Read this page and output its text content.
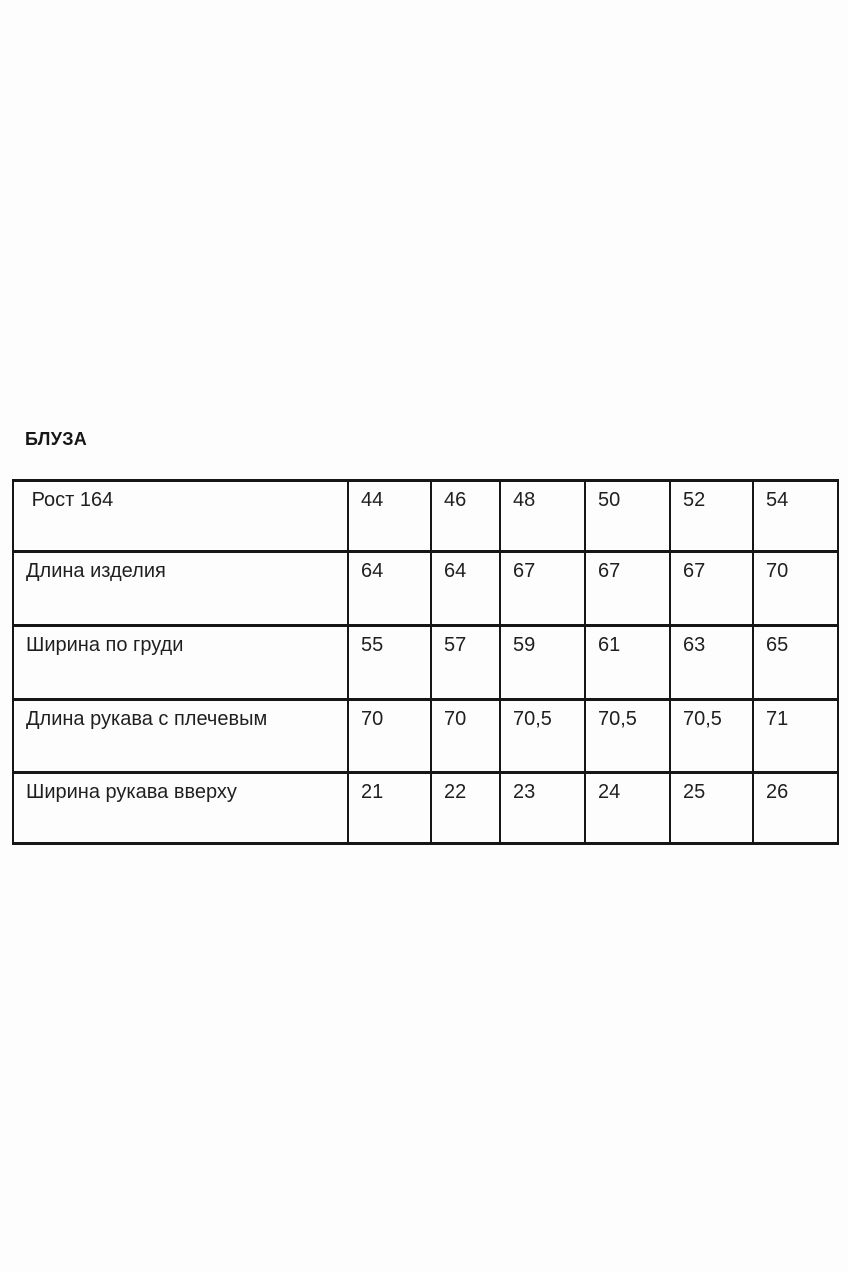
БЛУЗА
Рост 164	44	46	48	50	52	54
Длина изделия	64	64	67	67	67	70
Ширина по груди	55	57	59	61	63	65
Длина рукава с плечевым	70	70	70,5	70,5	70,5	71
Ширина рукава вверху	21	22	23	24	25	26
